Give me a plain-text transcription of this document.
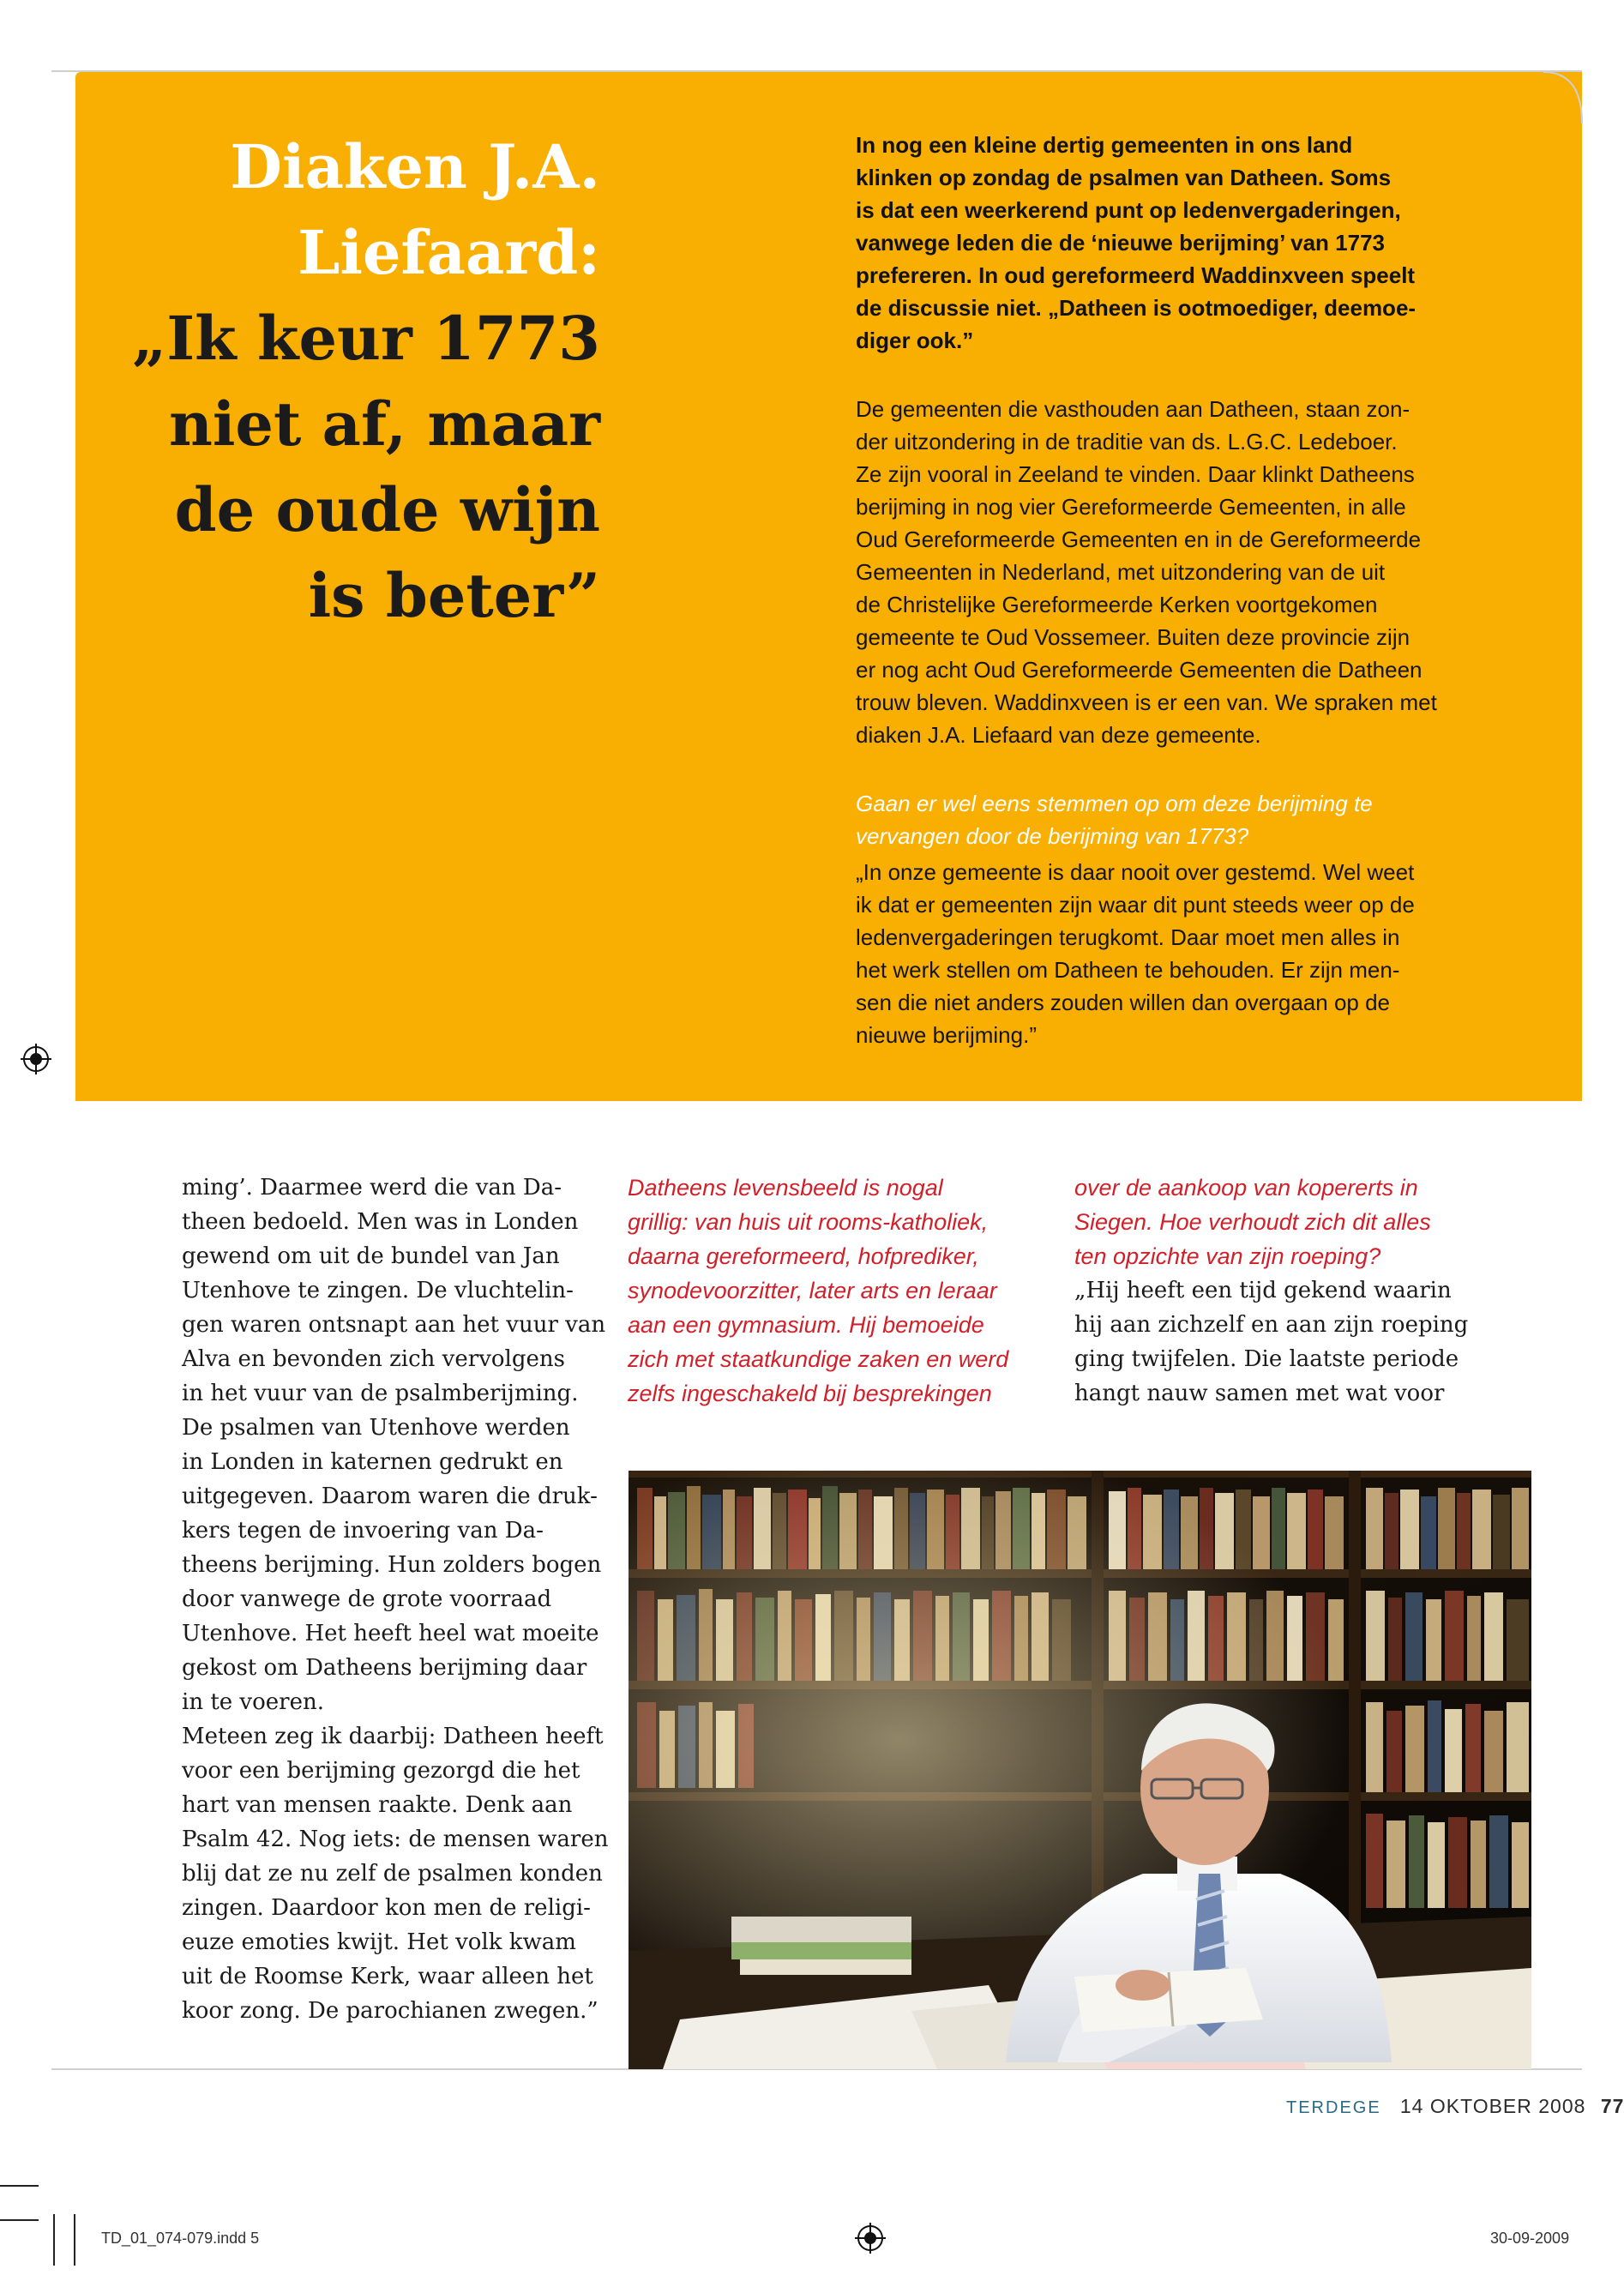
Diaken J.A.
Liefaard:
„Ik keur 1773
niet af, maar
de oude wijn
is beter”
In nog een kleine dertig gemeenten in ons land
klinken op zondag de psalmen van Datheen. Soms
is dat een weerkerend punt op ledenvergaderingen,
vanwege leden die de ‘nieuwe berijming’ van 1773
prefereren. In oud gereformeerd Waddinxveen speelt
de discussie niet. „Datheen is ootmoediger, deemoe-
diger ook.”
De gemeenten die vasthouden aan Datheen, staan zon-
der uitzondering in de traditie van ds. L.G.C. Ledeboer.
Ze zijn vooral in Zeeland te vinden. Daar klinkt Datheens
berijming in nog vier Gereformeerde Gemeenten, in alle
Oud Gereformeerde Gemeenten en in de Gereformeerde
Gemeenten in Nederland, met uitzondering van de uit
de Christelijke Gereformeerde Kerken voortgekomen
gemeente te Oud Vossemeer. Buiten deze provincie zijn
er nog acht Oud Gereformeerde Gemeenten die Datheen
trouw bleven. Waddinxveen is er een van. We spraken met
diaken J.A. Liefaard van deze gemeente.
Gaan er wel eens stemmen op om deze berijming te
vervangen door de berijming van 1773?
„In onze gemeente is daar nooit over gestemd. Wel weet
ik dat er gemeenten zijn waar dit punt steeds weer op de
ledenvergaderingen terugkomt. Daar moet men alles in
het werk stellen om Datheen te behouden. Er zijn men-
sen die niet anders zouden willen dan overgaan op de
nieuwe berijming.”
ming’. Daarmee werd die van Da-
theen bedoeld. Men was in Londen
gewend om uit de bundel van Jan
Utenhove te zingen. De vluchtelin-
gen waren ontsnapt aan het vuur van
Alva en bevonden zich vervolgens
in het vuur van de psalmberijming.
De psalmen van Utenhove werden
in Londen in katernen gedrukt en
uitgegeven. Daarom waren die druk-
kers tegen de invoering van Da-
theens berijming. Hun zolders bogen
door vanwege de grote voorraad
Utenhove. Het heeft heel wat moeite
gekost om Datheens berijming daar
in te voeren.
Meteen zeg ik daarbij: Datheen heeft
voor een berijming gezorgd die het
hart van mensen raakte. Denk aan
Psalm 42. Nog iets: de mensen waren
blij dat ze nu zelf de psalmen konden
zingen. Daardoor kon men de religi-
euze emoties kwijt. Het volk kwam
uit de Roomse Kerk, waar alleen het
koor zong. De parochianen zwegen.”
Datheens levensbeeld is nogal
grillig: van huis uit rooms-katholiek,
daarna gereformeerd, hofprediker,
synodevoorzitter, later arts en leraar
aan een gymnasium. Hij bemoeide
zich met staatkundige zaken en werd
zelfs ingeschakeld bij besprekingen
over de aankoop van kopererts in
Siegen. Hoe verhoudt zich dit alles
ten opzichte van zijn roeping?
„Hij heeft een tijd gekend waarin
hij aan zichzelf en aan zijn roeping
ging twijfelen. Die laatste periode
hangt nauw samen met wat voor
TERDEGE 14 OKTOBER 2008 77
TD_01_074-079.indd 5	30-09-2009
